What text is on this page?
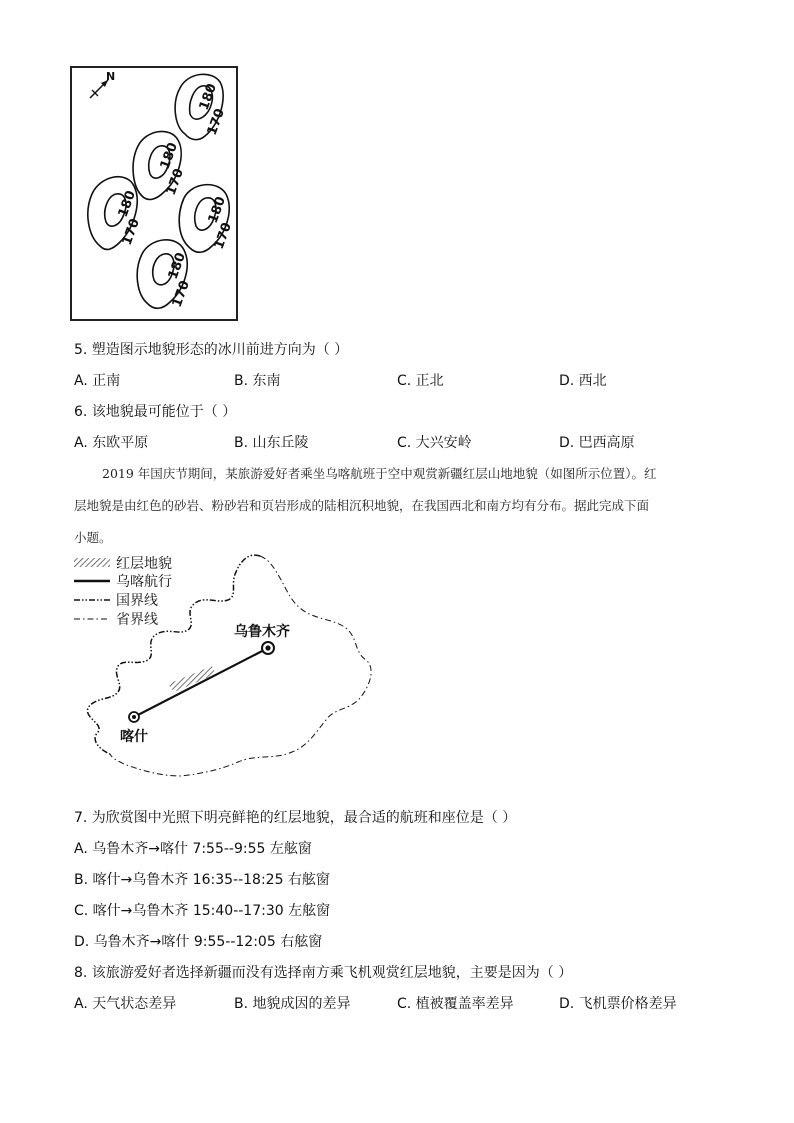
N
180
170
180
170
180
170
180
170
180
170
5. 塑造图示地貌形态的冰川前进方向为（ ）
A. 正南	B. 东南	C. 正北	D. 西北
6. 该地貌最可能位于（ ）
A. 东欧平原	B. 山东丘陵	C. 大兴安岭	D. 巴西高原
2019 年国庆节期间，某旅游爱好者乘坐乌喀航班于空中观赏新疆红层山地地貌（如图所示位置）。红
层地貌是由红色的砂岩、粉砂岩和页岩形成的陆相沉积地貌，在我国西北和南方均有分布。据此完成下面
小题。
红层地貌
乌喀航行
国界线
省界线
乌鲁木齐
喀什
7. 为欣赏图中光照下明亮鲜艳的红层地貌，最合适的航班和座位是（ ）
A. 乌鲁木齐→喀什 7:55--9:55 左舷窗
B. 喀什→乌鲁木齐 16:35--18:25 右舷窗
C. 喀什→乌鲁木齐 15:40--17:30 左舷窗
D. 乌鲁木齐→喀什 9:55--12:05 右舷窗
8. 该旅游爱好者选择新疆而没有选择南方乘飞机观赏红层地貌，主要是因为（ ）
A. 天气状态差异	B. 地貌成因的差异	C. 植被覆盖率差异	D. 飞机票价格差异
